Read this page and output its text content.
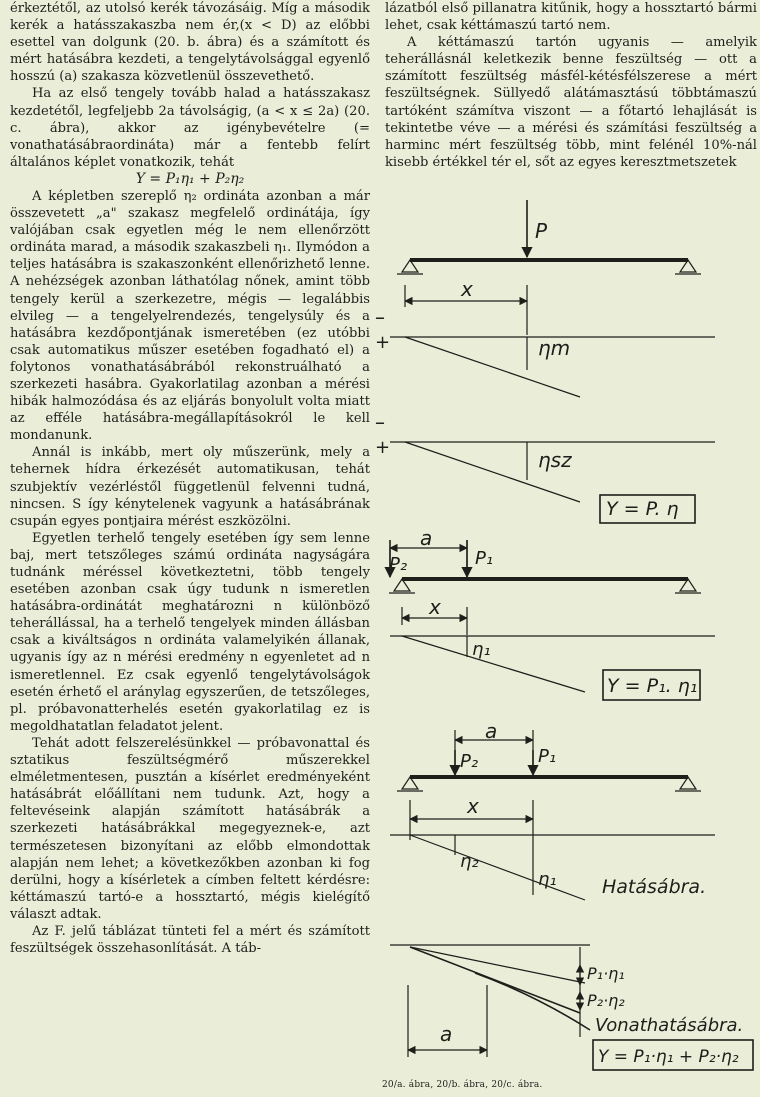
érkeztétől, az utolsó kerék távozásáig. Míg a második kerék a hatásszakaszba nem ér,(x < D) az előbbi esettel van dolgunk (20. b. ábra) és a számított és mért hatásábra kezdeti, a tengelytávolsággal egyenlő hosszú (a) szakasza közvetlenül összevethető.

Ha az első tengely tovább halad a hatásszakasz kezdetétől, legfeljebb 2a távolságig, (a < x ≤ 2a) (20. c. ábra), akkor az igénybevételre (= vonathatásábraordináta) már a fentebb felírt általános képlet vonatkozik, tehát

Y = P₁η₁ + P₂η₂

A képletben szereplő η₂ ordináta azonban a már összevetett „a" szakasz megfelelő ordinátája, így valójában csak egyetlen még le nem ellenőrzött ordináta marad, a második szakaszbeli η₁. Ilymódon a teljes hatásábra is szakaszonként ellenőrizhető lenne. A nehézségek azonban láthatólag nőnek, amint több tengely kerül a szerkezetre, mégis — legalábbis elvileg — a tengelyelrendezés, tengelysúly és a hatásábra kezdőpontjának ismeretében (ez utóbbi csak automatikus műszer esetében fogadható el) a folytonos vonathatásábrából rekonstruálható a szerkezeti hasábra. Gyakorlatilag azonban a mérési hibák halmozódása és az eljárás bonyolult volta miatt az efféle hatásábra-megállapításokról le kell mondanunk.

Annál is inkább, mert oly műszerünk, mely a tehernek hídra érkezését automatikusan, tehát szubjektív vezérléstől függetlenül felvenni tudná, nincsen. S így kénytelenek vagyunk a hatásábrának csupán egyes pontjaira mérést eszközölni.

Egyetlen terhelő tengely esetében így sem lenne baj, mert tetszőleges számú ordináta nagyságára tudnánk méréssel következtetni, több tengely esetében azonban csak úgy tudunk n ismeretlen hatásábra-ordinátát meghatározni n különböző teherállással, ha a terhelő tengelyek minden állásban csak a kiváltságos n ordináta valamelyikén állanak, ugyanis így az n mérési eredmény n egyenletet ad n ismeretlennel. Ez csak egyenlő tengelytávolságok esetén érhető el aránylag egyszerűen, de tetszőleges, pl. próbavonatterhelés esetén gyakorlatilag ez is megoldhatatlan feladatot jelent.

Tehát adott felszerelésünkkel — próbavonattal és sztatikus feszültségmérő műszerekkel elméletmentesen, pusztán a kísérlet eredményeként hatásábrát előállítani nem tudunk. Azt, hogy a feltevéseink alapján számított hatásábrák a szerkezeti hatásábrákkal megegyeznek-e, azt természetesen bizonyítani az előbb elmondottak alapján nem lehet; a következőkben azonban ki fog derülni, hogy a kísérletek a címben feltett kérdésre: kéttámaszú tartó-e a hossztartó, mégis kielégítő választ adtak.

Az F. jelű táblázat tünteti fel a mért és számított feszültségek összehasonlítását. A táb-

lázatból első pillanatra kitűnik, hogy a hossztartó bármi lehet, csak kéttámaszú tartó nem.

A kéttámaszú tartón ugyanis — amelyik teherállásnál keletkezik benne feszültség — ott a számított feszültség másfél-kétésfélszerese a mért feszültségnek. Süllyedő alátámasztású többtámaszú tartóként számítva viszont — a főtartó lehajlását is tekintetbe véve — a mérési és számítási feszültség a harminc mért feszültség több, mint felénél 10%-nál kisebb értékkel tér el, sőt az egyes keresztmetszetek

P
x
–
+	ηm
–
+
ηsz
Y = P. η
a
P₂	P₁
x
η₁
Y = P₁. η₁
a
P₂	P₁
x
η₂
η₁ Hatásábra.
P₁·η₁
P₂·η₂
Vonathatásábra.
a
Y = P₁·η₁ + P₂·η₂
20/a. ábra, 20/b. ábra, 20/c. ábra.
